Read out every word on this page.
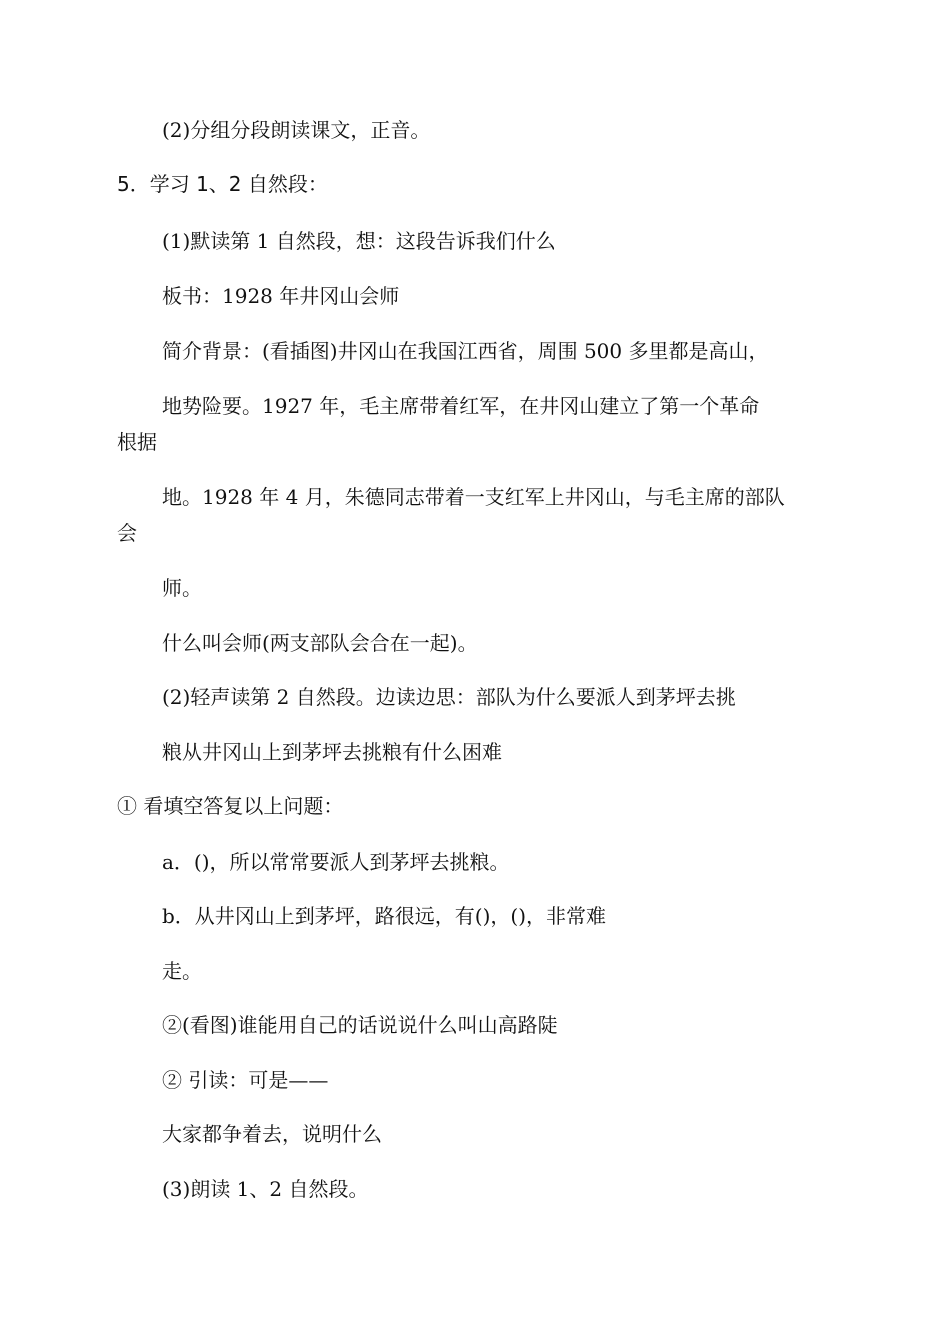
(2)分组分段朗读课文，正音。
5．学习 1、2 自然段：
(1)默读第 1 自然段，想：这段告诉我们什么
板书：1928 年井冈山会师
简介背景：(看插图)井冈山在我国江西省，周围 500 多里都是高山，
地势险要。1927 年，毛主席带着红军，在井冈山建立了第一个革命
根据
地。1928 年 4 月，朱德同志带着一支红军上井冈山，与毛主席的部队
会
师。
什么叫会师(两支部队会合在一起)。
(2)轻声读第 2 自然段。边读边思：部队为什么要派人到茅坪去挑
粮从井冈山上到茅坪去挑粮有什么困难
① 看填空答复以上问题：
a．()，所以常常要派人到茅坪去挑粮。
b．从井冈山上到茅坪，路很远，有()，()，非常难
走。
②(看图)谁能用自己的话说说什么叫山高路陡
② 引读：可是——
大家都争着去，说明什么
(3)朗读 1、2 自然段。
